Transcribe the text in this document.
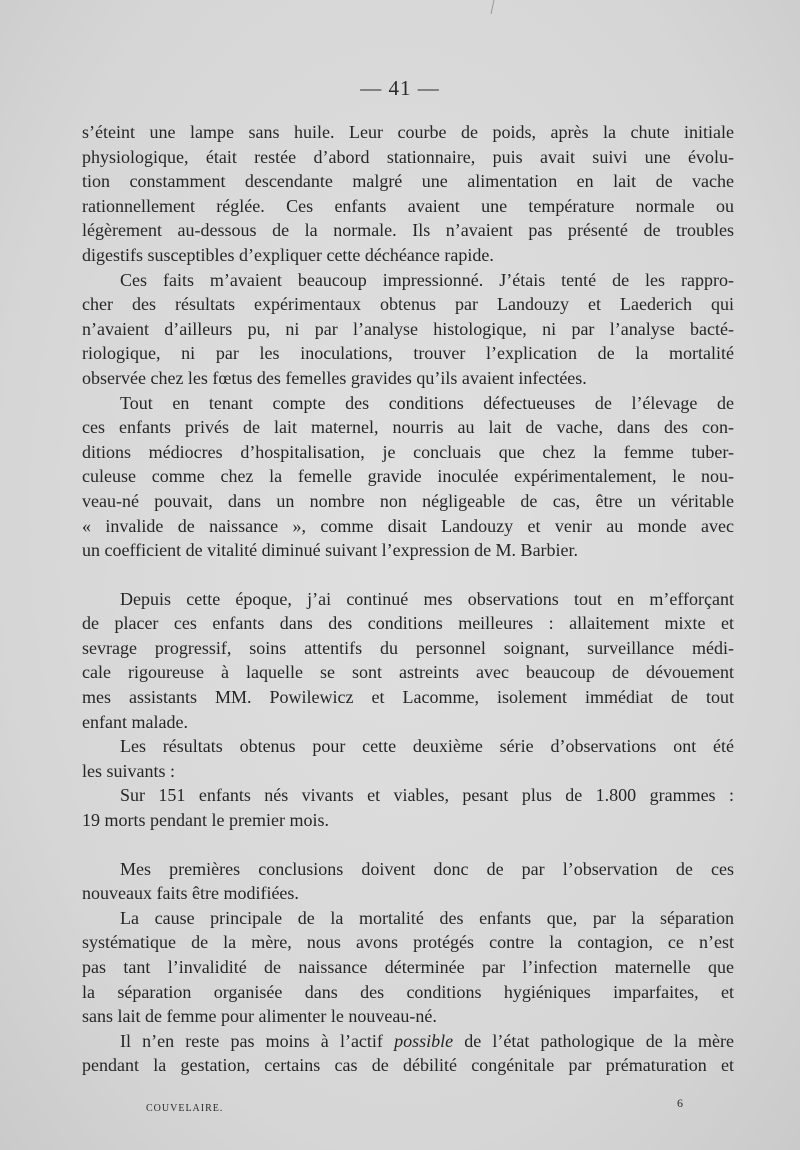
— 41 —
s’éteint une lampe sans huile. Leur courbe de poids, après la chute initiale
physiologique, était restée d’abord stationnaire, puis avait suivi une évolu-
tion constamment descendante malgré une alimentation en lait de vache
rationnellement réglée. Ces enfants avaient une température normale ou
légèrement au-dessous de la normale. Ils n’avaient pas présenté de troubles
digestifs susceptibles d’expliquer cette déchéance rapide.
Ces faits m’avaient beaucoup impressionné. J’étais tenté de les rappro-
cher des résultats expérimentaux obtenus par Landouzy et Laederich qui
n’avaient d’ailleurs pu, ni par l’analyse histologique, ni par l’analyse bacté-
riologique, ni par les inoculations, trouver l’explication de la mortalité
observée chez les fœtus des femelles gravides qu’ils avaient infectées.
Tout en tenant compte des conditions défectueuses de l’élevage de
ces enfants privés de lait maternel, nourris au lait de vache, dans des con-
ditions médiocres d’hospitalisation, je concluais que chez la femme tuber-
culeuse comme chez la femelle gravide inoculée expérimentalement, le nou-
veau-né pouvait, dans un nombre non négligeable de cas, être un véritable
« invalide de naissance », comme disait Landouzy et venir au monde avec
un coefficient de vitalité diminué suivant l’expression de M. Barbier.
Depuis cette époque, j’ai continué mes observations tout en m’efforçant
de placer ces enfants dans des conditions meilleures : allaitement mixte et
sevrage progressif, soins attentifs du personnel soignant, surveillance médi-
cale rigoureuse à laquelle se sont astreints avec beaucoup de dévouement
mes assistants MM. Powilewicz et Lacomme, isolement immédiat de tout
enfant malade.
Les résultats obtenus pour cette deuxième série d’observations ont été
les suivants :
Sur 151 enfants nés vivants et viables, pesant plus de 1.800 grammes :
19 morts pendant le premier mois.
Mes premières conclusions doivent donc de par l’observation de ces
nouveaux faits être modifiées.
La cause principale de la mortalité des enfants que, par la séparation
systématique de la mère, nous avons protégés contre la contagion, ce n’est
pas tant l’invalidité de naissance déterminée par l’infection maternelle que
la séparation organisée dans des conditions hygiéniques imparfaites, et
sans lait de femme pour alimenter le nouveau-né.
Il n’en reste pas moins à l’actif possible de l’état pathologique de la mère
pendant la gestation, certains cas de débilité congénitale par prématuration et
COUVELAIRE.	6
